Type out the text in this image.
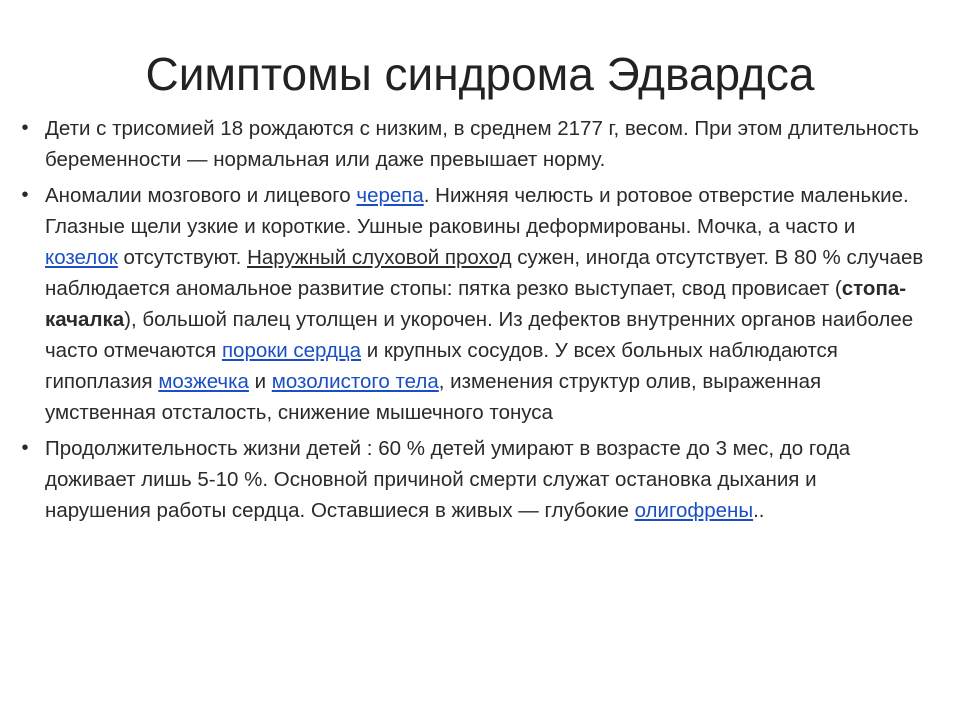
Симптомы синдрома Эдвардса
• Дети с трисомией 18 рождаются с низким, в среднем 2177 г, весом. При этом длительность беременности — нормальная или даже превышает норму.
• Аномалии мозгового и лицевого черепа. Нижняя челюсть и ротовое отверстие маленькие. Глазные щели узкие и короткие. Ушные раковины деформированы. Мочка, а часто и козелок отсутствуют. Наружный слуховой проход сужен, иногда отсутствует. В 80 % случаев наблюдается аномальное развитие стопы: пятка резко выступает, свод провисает (стопа-качалка), большой палец утолщен и укорочен. Из дефектов внутренних органов наиболее часто отмечаются пороки сердца и крупных сосудов. У всех больных наблюдаются гипоплазия мозжечка и мозолистого тела, изменения структур олив, выраженная умственная отсталость, снижение мышечного тонуса
• Продолжительность жизни детей : 60 % детей умирают в возрасте до 3 мес, до года доживает лишь 5-10 %. Основной причиной смерти служат остановка дыхания и нарушения работы сердца. Оставшиеся в живых — глубокие олигофрены..
